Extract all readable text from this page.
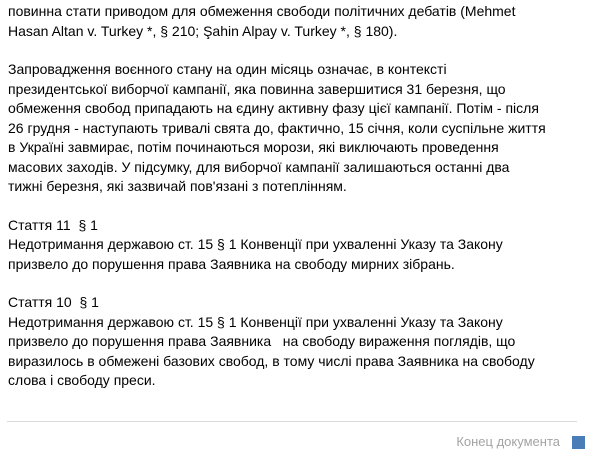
повинна стати приводом для обмеження свободи політичних дебатів (Mehmet
Hasan Altan v. Turkey *, § 210; Şahin Alpay v. Turkey *, § 180).

Запровадження воєнного стану на один місяць означає, в контексті
президентської виборчої кампанії, яка повинна завершитися 31 березня, що
обмеження свобод припадають на єдину активну фазу цієї кампанії. Потім - після
26 грудня - наступають тривалі свята до, фактично, 15 січня, коли суспільне життя
в Україні завмирає, потім починаються морози, які виключають проведення
масових заходів. У підсумку, для виборчої кампанії залишаються останні два
тижні березня, які зазвичай пов'язані з потеплінням.

Стаття 11  § 1
Недотримання державою ст. 15 § 1 Конвенції при ухваленні Указу та Закону
призвело до порушення права Заявника на свободу мирних зібрань.

Стаття 10  § 1
Недотримання державою ст. 15 § 1 Конвенції при ухваленні Указу та Закону
призвело до порушення права Заявника   на свободу вираження поглядів, що
виразилось в обмежені базових свобод, в тому числі права Заявника на свободу
слова і свободу преси.

Конец документа
